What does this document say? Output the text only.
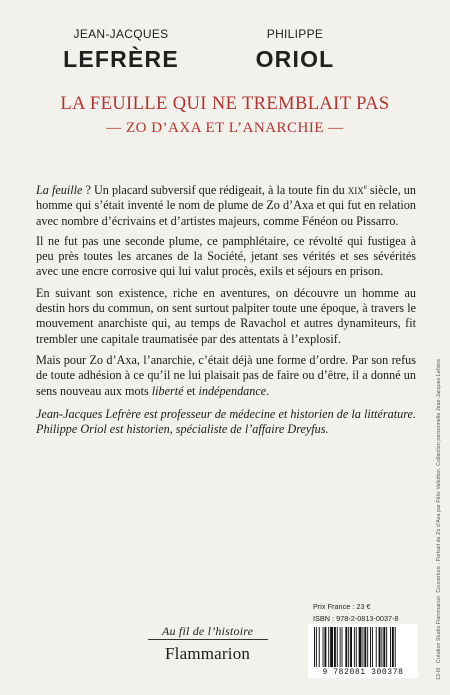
JEAN-JACQUES
LEFRÈRE
PHILIPPE
ORIOL
LA FEUILLE QUI NE TREMBLAIT PAS
— ZO D’AXA ET L’ANARCHIE —

La feuille ? Un placard subversif que rédigeait, à la toute fin du xix$^e$ siècle, un homme qui s’était inventé le nom de plume de Zo d’Axa et qui fut en relation avec nombre d’écrivains et d’artistes majeurs, comme Fénéon ou Pissarro.

Il ne fut pas une seconde plume, ce pamphlétaire, ce révolté qui fustigea à peu près toutes les arcanes de la Société, jetant ses vérités et ses sévérités avec une encre corrosive qui lui valut procès, exils et séjours en prison.

En suivant son existence, riche en aventures, on découvre un homme au destin hors du commun, on sent surtout palpiter toute une époque, à travers le mouvement anarchiste qui, au temps de Ravachol et autres dynamiteurs, fit trembler une capitale traumatisée par des attentats à l’explosif.

Mais pour Zo d’Axa, l’anarchie, c’était déjà une forme d’ordre. Par son refus de toute adhésion à ce qu’il ne lui plaisait pas de faire ou d’être, il a donné un sens nouveau aux mots liberté et indépendance.

Jean-Jacques Lefrère est professeur de médecine et historien de la littérature. Philippe Oriol est historien, spécialiste de l’affaire Dreyfus.

13-III   Création Studio Flammarion  Couverture : Portrait de Zo d’Axa par Félix Vallotton. Collection personnelle Jean-Jacques Lefrère
Prix France : 23 €
ISBN : 978-2-0813-0037-8
9 782081 300378
Au fil de l’histoire
Flammarion
